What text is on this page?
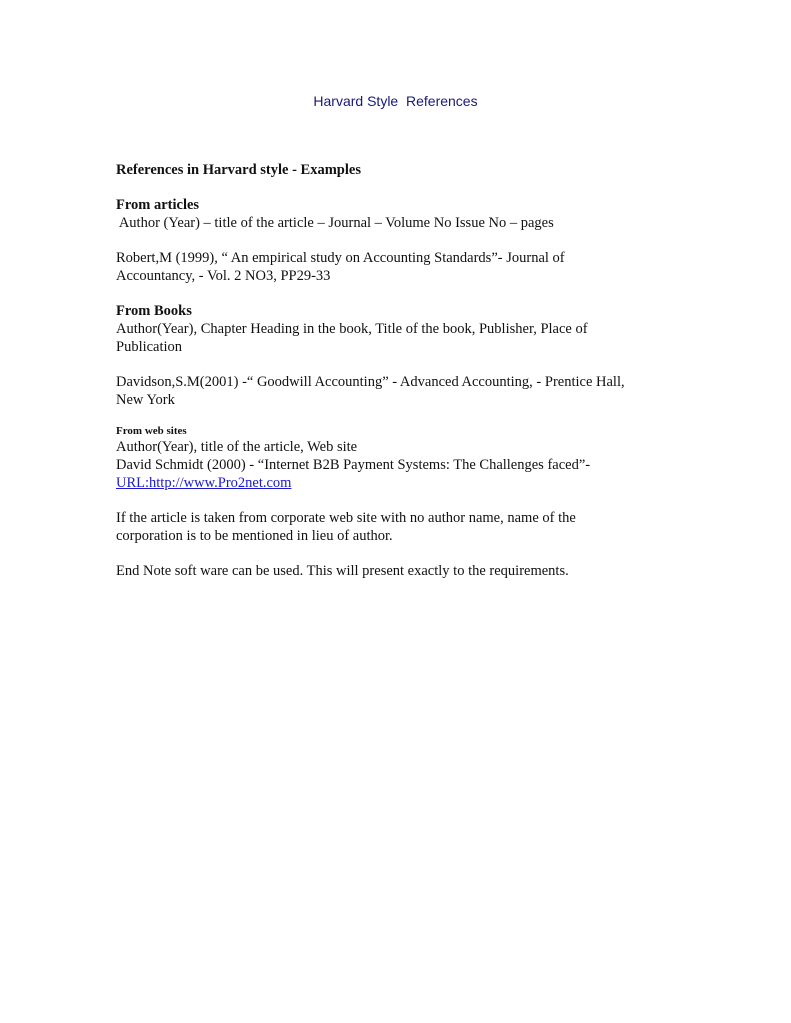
Harvard Style  References

References in Harvard style - Examples

From articles

Author (Year) – title of the article – Journal – Volume No Issue No – pages

Robert,M (1999), “ An empirical study on Accounting Standards”- Journal of

Accountancy, - Vol. 2 NO3, PP29-33

From Books

Author(Year), Chapter Heading in the book, Title of the book, Publisher, Place of

Publication

Davidson,S.M(2001) -“ Goodwill Accounting” - Advanced Accounting, - Prentice Hall,

New York

From web sites

Author(Year), title of the article, Web site

David Schmidt (2000) - “Internet B2B Payment Systems: The Challenges faced”-

URL:http://www.Pro2net.com

If the article is taken from corporate web site with no author name, name of the

corporation is to be mentioned in lieu of author.

End Note soft ware can be used. This will present exactly to the requirements.
